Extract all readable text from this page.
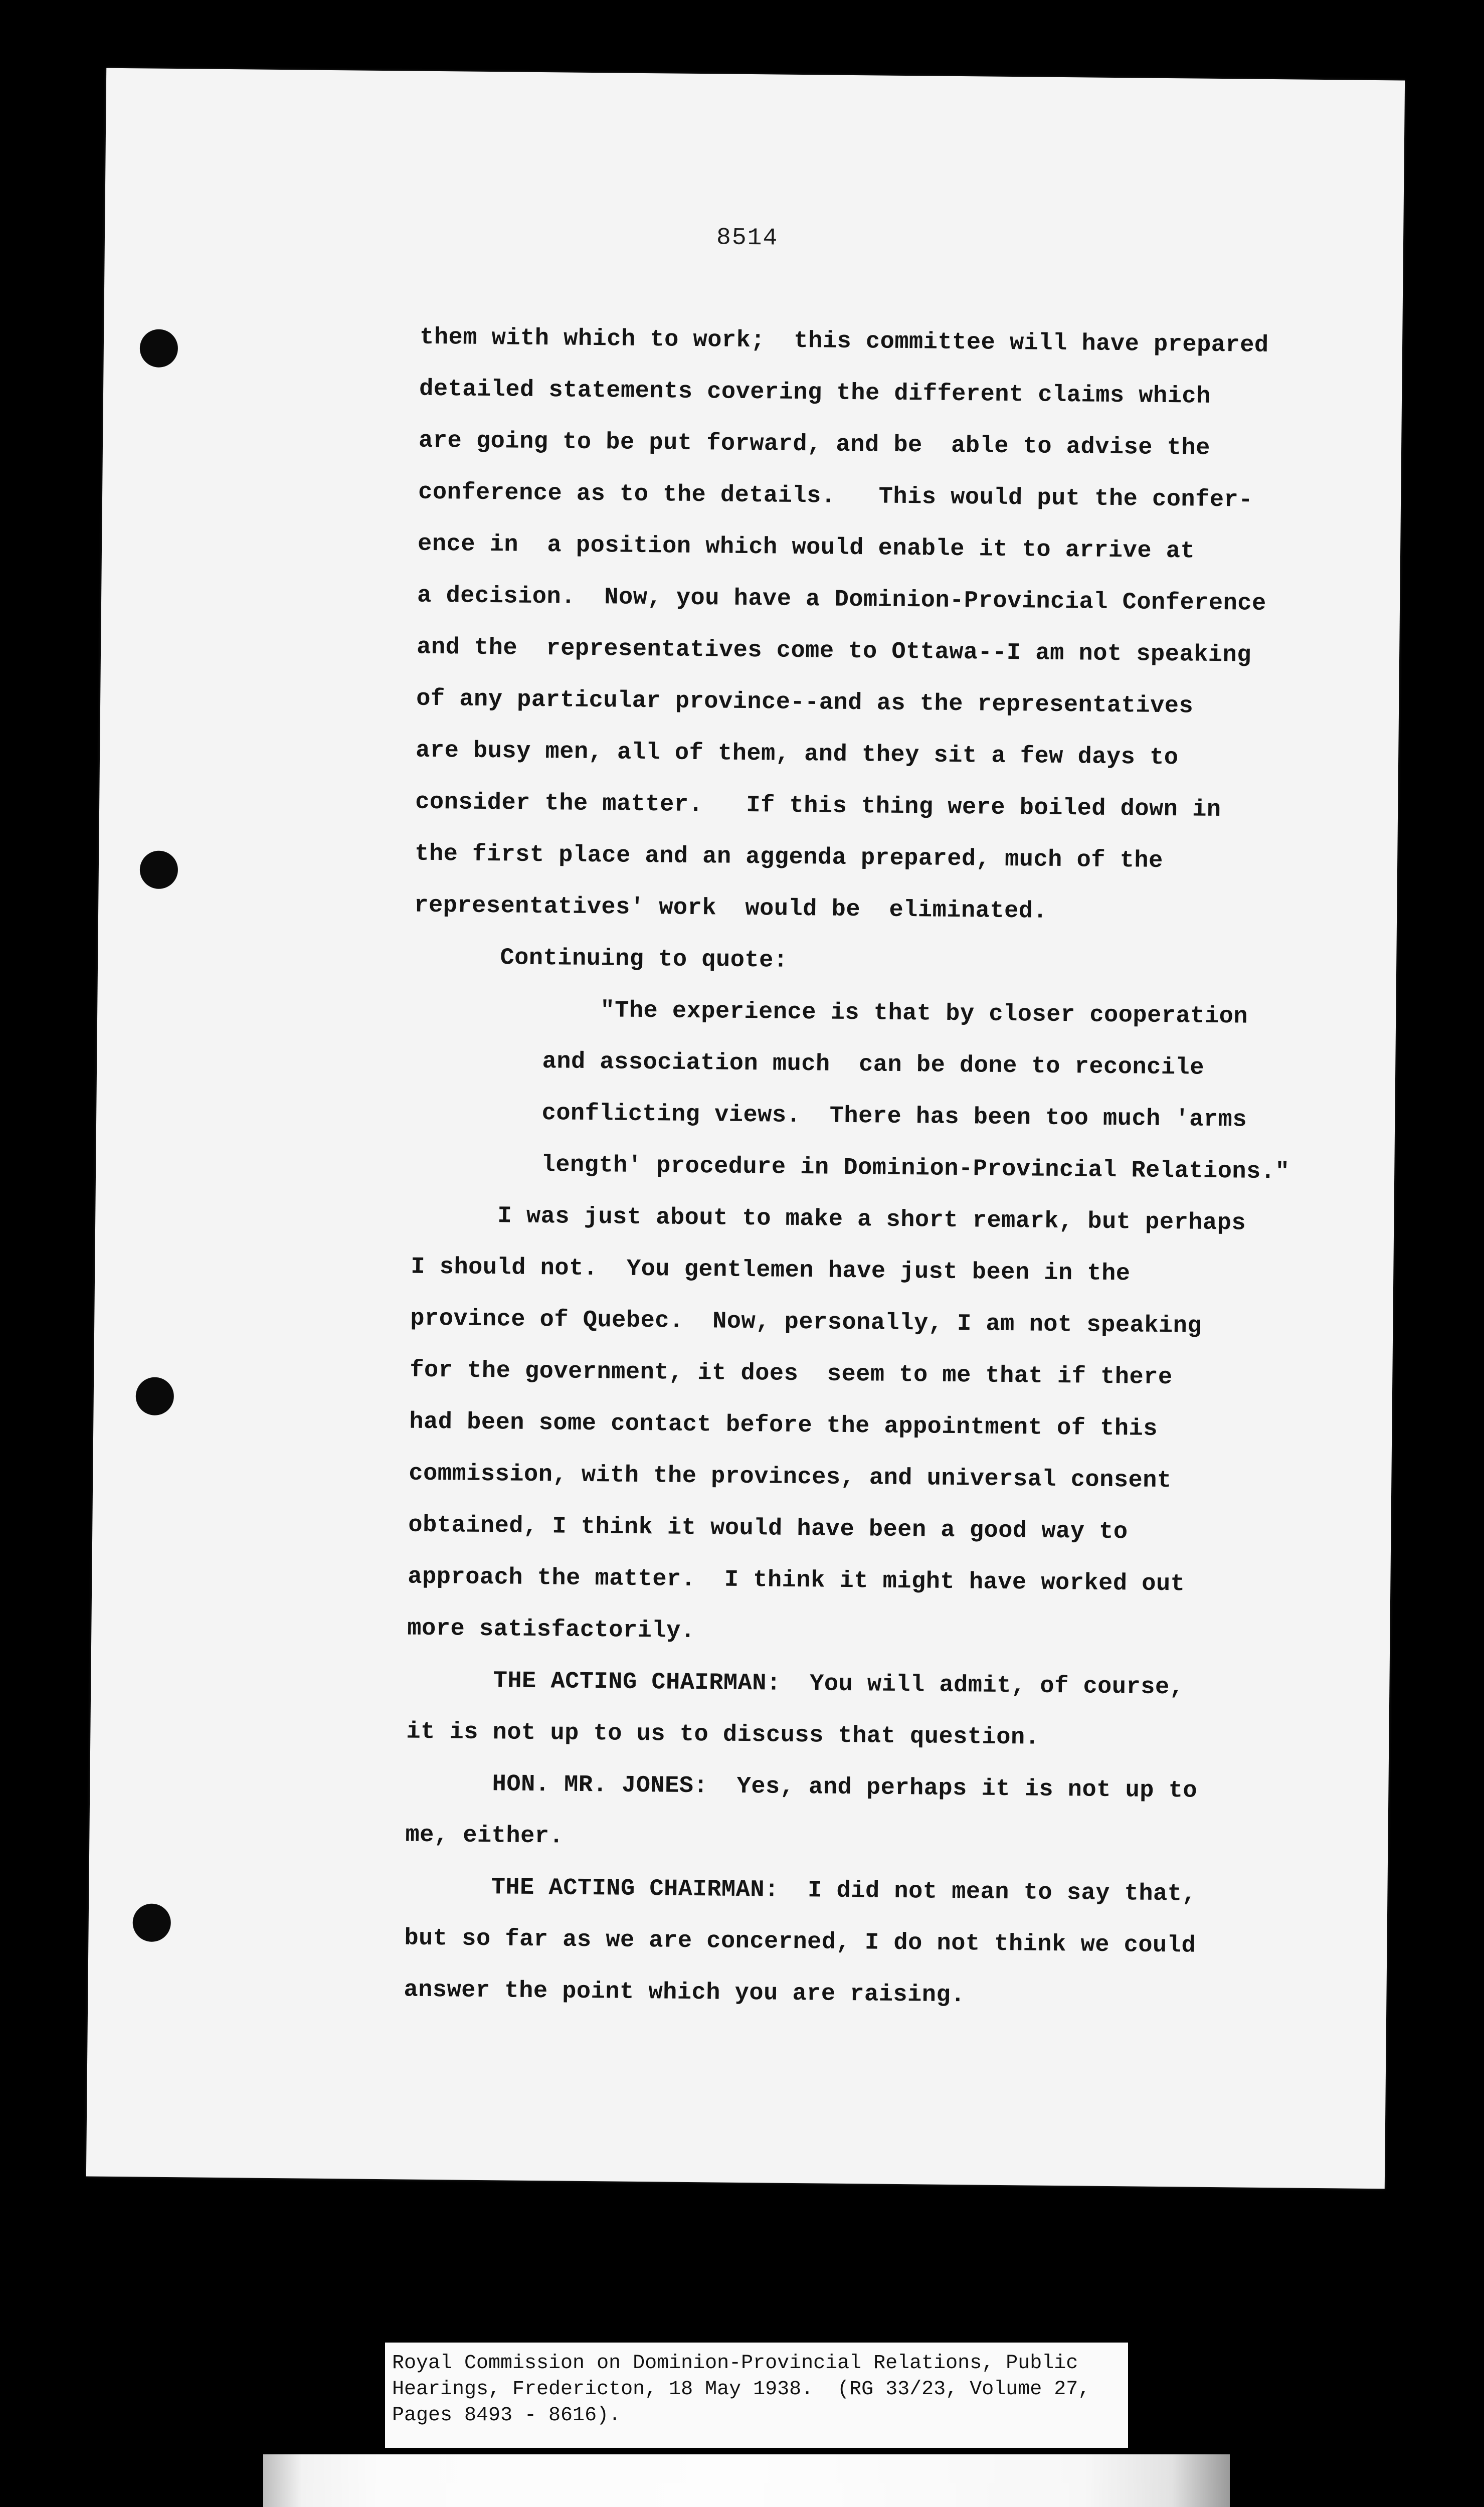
8514
them with which to work;  this committee will have prepared
detailed statements covering the different claims which
are going to be put forward, and be  able to advise the
conference as to the details.   This would put the confer-
ence in  a position which would enable it to arrive at
a decision.  Now, you have a Dominion-Provincial Conference
and the  representatives come to Ottawa--I am not speaking
of any particular province--and as the representatives
are busy men, all of them, and they sit a few days to
consider the matter.   If this thing were boiled down in
the first place and an aggenda prepared, much of the
representatives' work  would be  eliminated.
Continuing to quote:
"The experience is that by closer cooperation
and association much  can be done to reconcile
conflicting views.  There has been too much 'arms
length' procedure in Dominion-Provincial Relations."
I was just about to make a short remark, but perhaps
I should not.  You gentlemen have just been in the
province of Quebec.  Now, personally, I am not speaking
for the government, it does  seem to me that if there
had been some contact before the appointment of this
commission, with the provinces, and universal consent
obtained, I think it would have been a good way to
approach the matter.  I think it might have worked out
more satisfactorily.
THE ACTING CHAIRMAN:  You will admit, of course,
it is not up to us to discuss that question.
HON. MR. JONES:  Yes, and perhaps it is not up to
me, either.
THE ACTING CHAIRMAN:  I did not mean to say that,
but so far as we are concerned, I do not think we could
answer the point which you are raising.
Royal Commission on Dominion-Provincial Relations, Public
Hearings, Fredericton, 18 May 1938.  (RG 33/23, Volume 27,
Pages 8493 - 8616).
